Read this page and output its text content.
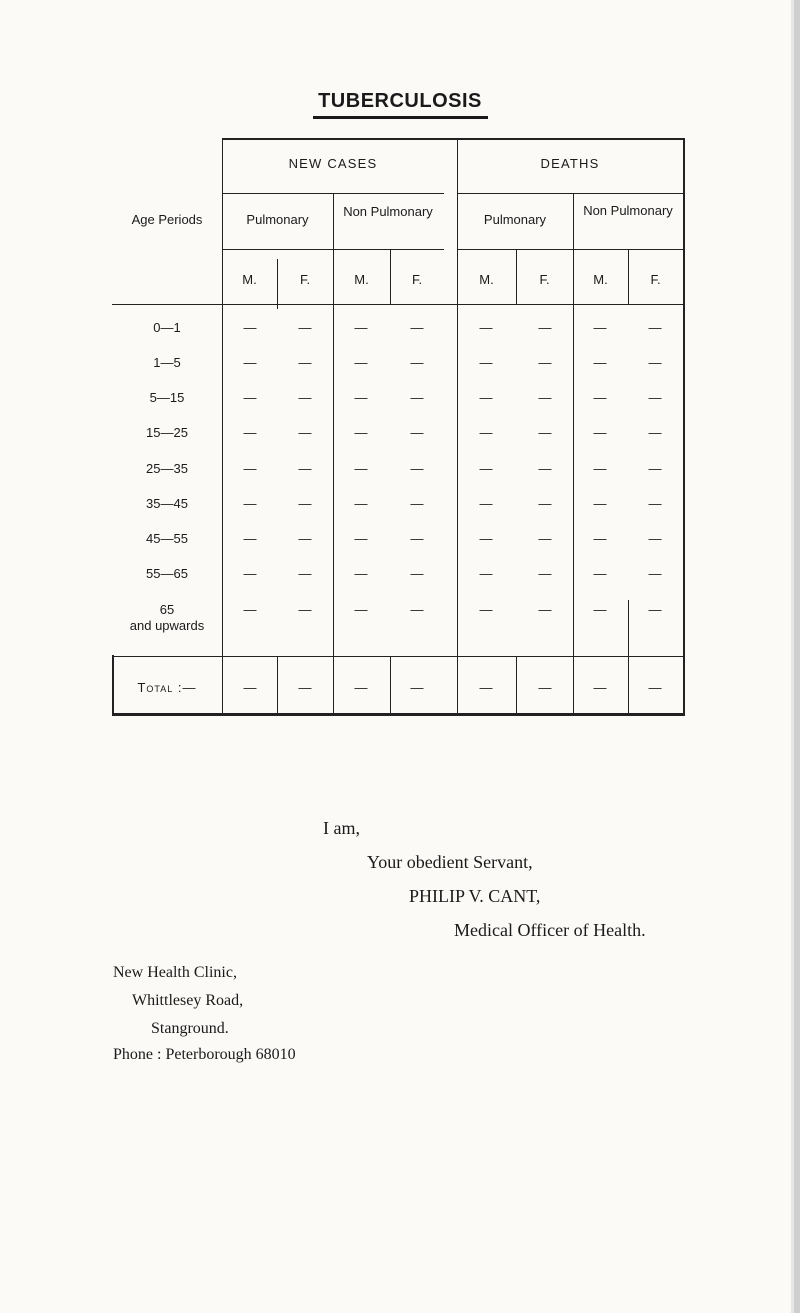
TUBERCULOSIS
Age Periods
NEW CASES	DEATHS
Pulmonary
Non Pulmonary
Pulmonary
Non Pulmonary
M.	F.	M.	F.	M.	F.	M.	F.
0—1	—	—	—	—	—	—	—	—
1—5	—	—	—	—	—	—	—	—
5—15	—	—	—	—	—	—	—	—
15—25	—	—	—	—	—	—	—	—
25—35	—	—	—	—	—	—	—	—
35—45	—	—	—	—	—	—	—	—
45—55	—	—	—	—	—	—	—	—
55—65	—	—	—	—	—	—	—	—
65
and upwards
—	—	—	—	—	—	—	—
Total :—	—	—	—	—	—	—	—	—
I am,
Your obedient Servant,
PHILIP V. CANT,
Medical Officer of Health.
New Health Clinic,
Whittlesey Road,
Stanground.
Phone : Peterborough 68010
